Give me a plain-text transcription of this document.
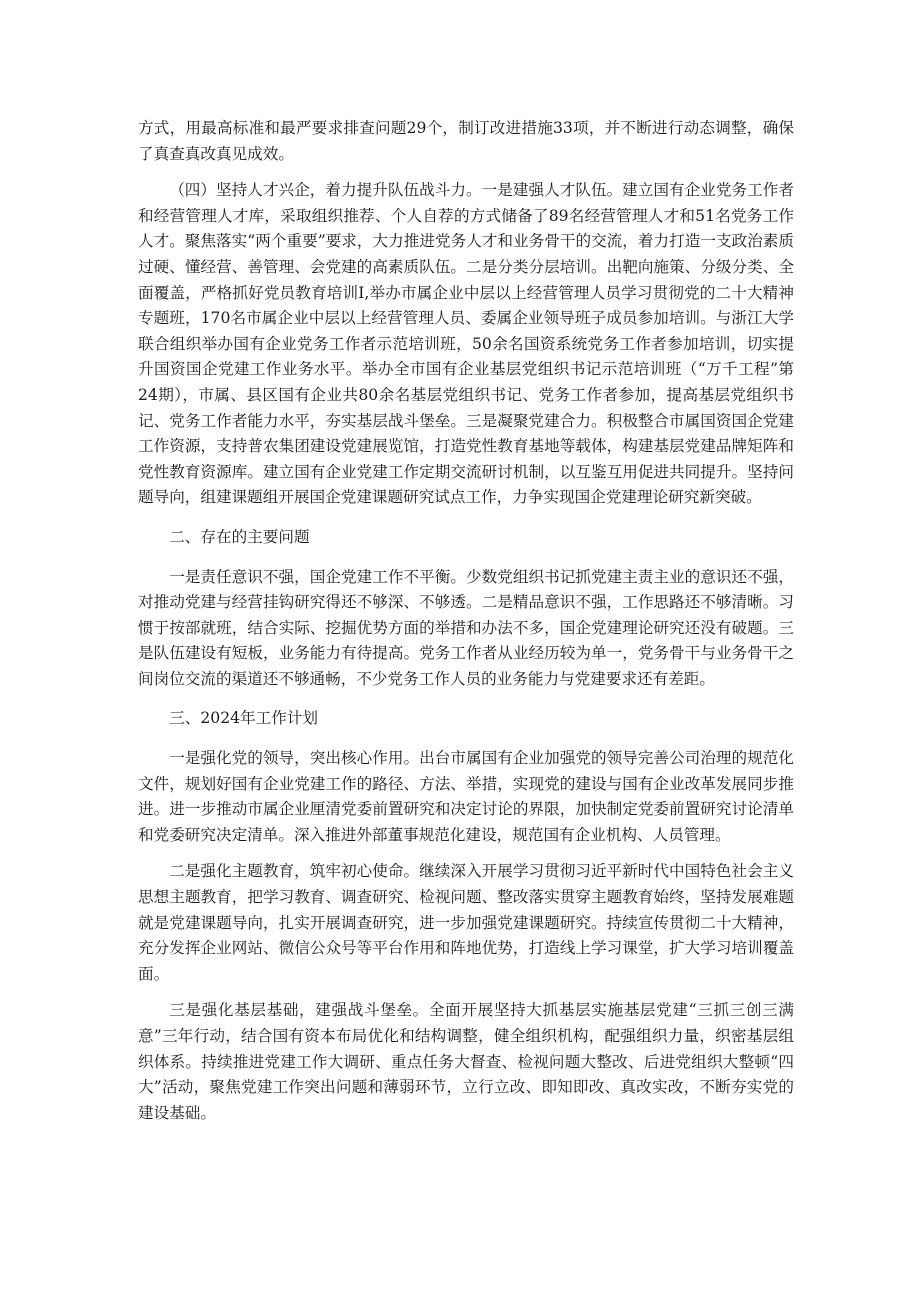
方式，用最高标准和最严要求排查问题29个，制订改进措施33项，并不断进行动态调整，确保了真查真改真见成效。

（四）坚持人才兴企，着力提升队伍战斗力。一是建强人才队伍。建立国有企业党务工作者和经营管理人才库，采取组织推荐、个人自荐的方式储备了89名经营管理人才和51名党务工作人才。聚焦落实“两个重要”要求，大力推进党务人才和业务骨干的交流，着力打造一支政治素质过硬、懂经营、善管理、会党建的高素质队伍。二是分类分层培训。出靶向施策、分级分类、全面覆盖，严格抓好党员教育培训I,举办市属企业中层以上经营管理人员学习贯彻党的二十大精神专题班，170名市属企业中层以上经营管理人员、委属企业领导班子成员参加培训。与浙江大学联合组织举办国有企业党务工作者示范培训班，50余名国资系统党务工作者参加培训，切实提升国资国企党建工作业务水平。举办全市国有企业基层党组织书记示范培训班（“万千工程”第24期），市属、县区国有企业共80余名基层党组织书记、党务工作者参加，提高基层党组织书记、党务工作者能力水平，夯实基层战斗堡垒。三是凝聚党建合力。积极整合市属国资国企党建工作资源，支持普农集团建设党建展览馆，打造党性教育基地等载体，构建基层党建品牌矩阵和党性教育资源库。建立国有企业党建工作定期交流研讨机制，以互鉴互用促进共同提升。坚持问题导向，组建课题组开展国企党建课题研究试点工作，力争实现国企党建理论研究新突破。

二、存在的主要问题

一是责任意识不强，国企党建工作不平衡。少数党组织书记抓党建主责主业的意识还不强，对推动党建与经营挂钩研究得还不够深、不够透。二是精品意识不强，工作思路还不够清晰。习惯于按部就班，结合实际、挖掘优势方面的举措和办法不多，国企党建理论研究还没有破题。三是队伍建设有短板，业务能力有待提高。党务工作者从业经历较为单一，党务骨干与业务骨干之间岗位交流的渠道还不够通畅，不少党务工作人员的业务能力与党建要求还有差距。

三、2024年工作计划

一是强化党的领导，突出核心作用。出台市属国有企业加强党的领导完善公司治理的规范化文件，规划好国有企业党建工作的路径、方法、举措，实现党的建设与国有企业改革发展同步推进。进一步推动市属企业厘清党委前置研究和决定讨论的界限，加快制定党委前置研究讨论清单和党委研究决定清单。深入推进外部董事规范化建设，规范国有企业机构、人员管理。

二是强化主题教育，筑牢初心使命。继续深入开展学习贯彻习近平新时代中国特色社会主义思想主题教育，把学习教育、调查研究、检视问题、整改落实贯穿主题教育始终，坚持发展难题就是党建课题导向，扎实开展调查研究，进一步加强党建课题研究。持续宣传贯彻二十大精神，充分发挥企业网站、微信公众号等平台作用和阵地优势，打造线上学习课堂，扩大学习培训覆盖面。

三是强化基层基础，建强战斗堡垒。全面开展坚持大抓基层实施基层党建“三抓三创三满意”三年行动，结合国有资本布局优化和结构调整，健全组织机构，配强组织力量，织密基层组织体系。持续推进党建工作大调研、重点任务大督查、检视问题大整改、后进党组织大整顿“四大”活动，聚焦党建工作突出问题和薄弱环节，立行立改、即知即改、真改实改，不断夯实党的建设基础。
